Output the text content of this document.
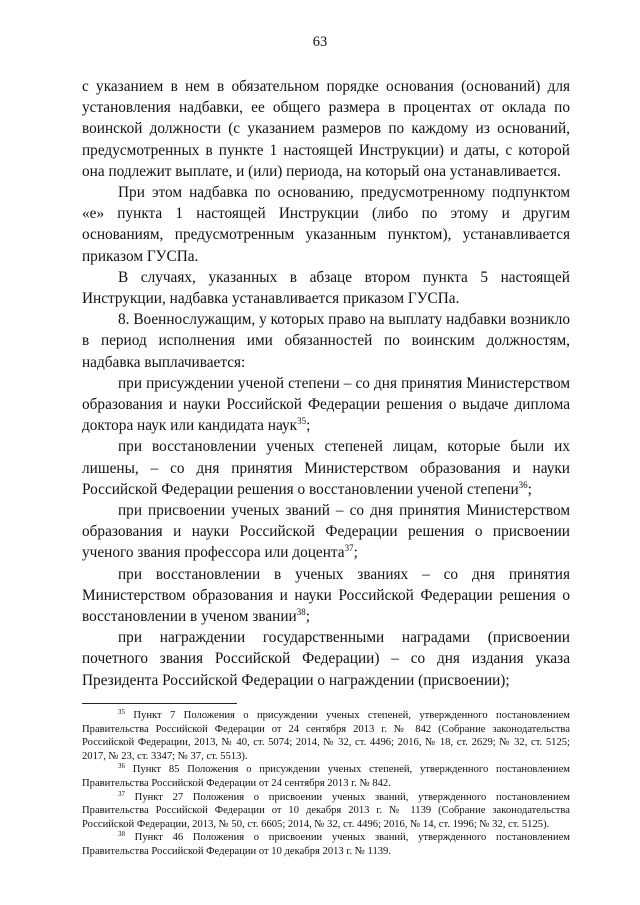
63

с указанием в нем в обязательном порядке основания (оснований) для установления надбавки, ее общего размера в процентах от оклада по воинской должности (с указанием размеров по каждому из оснований, предусмотренных в пункте 1 настоящей Инструкции) и даты, с которой она подлежит выплате, и (или) периода, на который она устанавливается.

При этом надбавка по основанию, предусмотренному подпунктом «е» пункта 1 настоящей Инструкции (либо по этому и другим основаниям, предусмотренным указанным пунктом), устанавливается приказом ГУСПа.

В случаях, указанных в абзаце втором пункта 5 настоящей Инструкции, надбавка устанавливается приказом ГУСПа.

8. Военнослужащим, у которых право на выплату надбавки возникло в период исполнения ими обязанностей по воинским должностям, надбавка выплачивается:

при присуждении ученой степени – со дня принятия Министерством образования и науки Российской Федерации решения о выдаче диплома доктора наук или кандидата наук$^{35}$;

при восстановлении ученых степеней лицам, которые были их лишены, – со дня принятия Министерством образования и науки Российской Федерации решения о восстановлении ученой степени$^{36}$;

при присвоении ученых званий – со дня принятия Министерством образования и науки Российской Федерации решения о присвоении ученого звания профессора или доцента$^{37}$;

при восстановлении в ученых званиях – со дня принятия Министерством образования и науки Российской Федерации решения о восстановлении в ученом звании$^{38}$;

при награждении государственными наградами (присвоении почетного звания Российской Федерации) – со дня издания указа Президента Российской Федерации о награждении (присвоении);

$^{35}$ Пункт 7 Положения о присуждении ученых степеней, утвержденного постановлением Правительства Российской Федерации от 24 сентября 2013 г. № 842 (Собрание законодательства Российской Федерации, 2013, № 40, ст. 5074; 2014, № 32, ст. 4496; 2016, № 18, ст. 2629; № 32, ст. 5125; 2017, № 23, ст. 3347; № 37, ст. 5513).

$^{36}$ Пункт 85 Положения о присуждении ученых степеней, утвержденного постановлением Правительства Российской Федерации от 24 сентября 2013 г. № 842.

$^{37}$ Пункт 27 Положения о присвоении ученых званий, утвержденного постановлением Правительства Российской Федерации от 10 декабря 2013 г. № 1139 (Собрание законодательства Российской Федерации, 2013, № 50, ст. 6605; 2014, № 32, ст. 4496; 2016, № 14, ст. 1996; № 32, ст. 5125).

$^{38}$ Пункт 46 Положения о присвоении ученых званий, утвержденного постановлением Правительства Российской Федерации от 10 декабря 2013 г. № 1139.
